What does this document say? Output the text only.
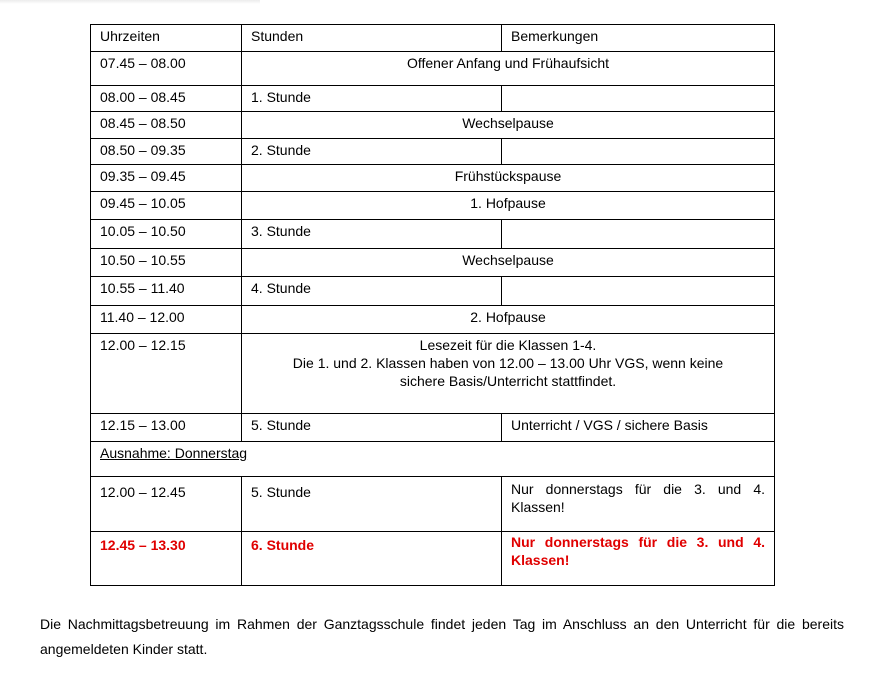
Uhrzeiten	Stunden	Bemerkungen
07.45 – 08.00	Offener Anfang und Frühaufsicht	
08.00 – 08.45	1. Stunde	
08.45 – 08.50	Wechselpause	
08.50 – 09.35	2. Stunde	
09.35 – 09.45	Frühstückspause	
09.45 – 10.05	1. Hofpause	
10.05 – 10.50	3. Stunde	
10.50 – 10.55	Wechselpause	
10.55 – 11.40	4. Stunde	
11.40 – 12.00	2. Hofpause	
12.00 – 12.15	Lesezeit für die Klassen 1-4.
Die 1. und 2. Klassen haben von 12.00 – 13.00 Uhr VGS, wenn keine
sichere Basis/Unterricht stattfindet.	

12.15 – 13.00	5. Stunde	Unterricht / VGS / sichere Basis
Ausnahme: Donnerstag		
12.00 – 12.45	5. Stunde	Nur donnerstags für die 3. und 4.
Klassen!

12.45 – 13.30	6. Stunde	Nur donnerstags für die 3. und 4.
Klassen!

Die Nachmittagsbetreuung im Rahmen der Ganztagsschule findet jeden Tag im Anschluss an den Unterricht für die bereits angemeldeten Kinder statt.
